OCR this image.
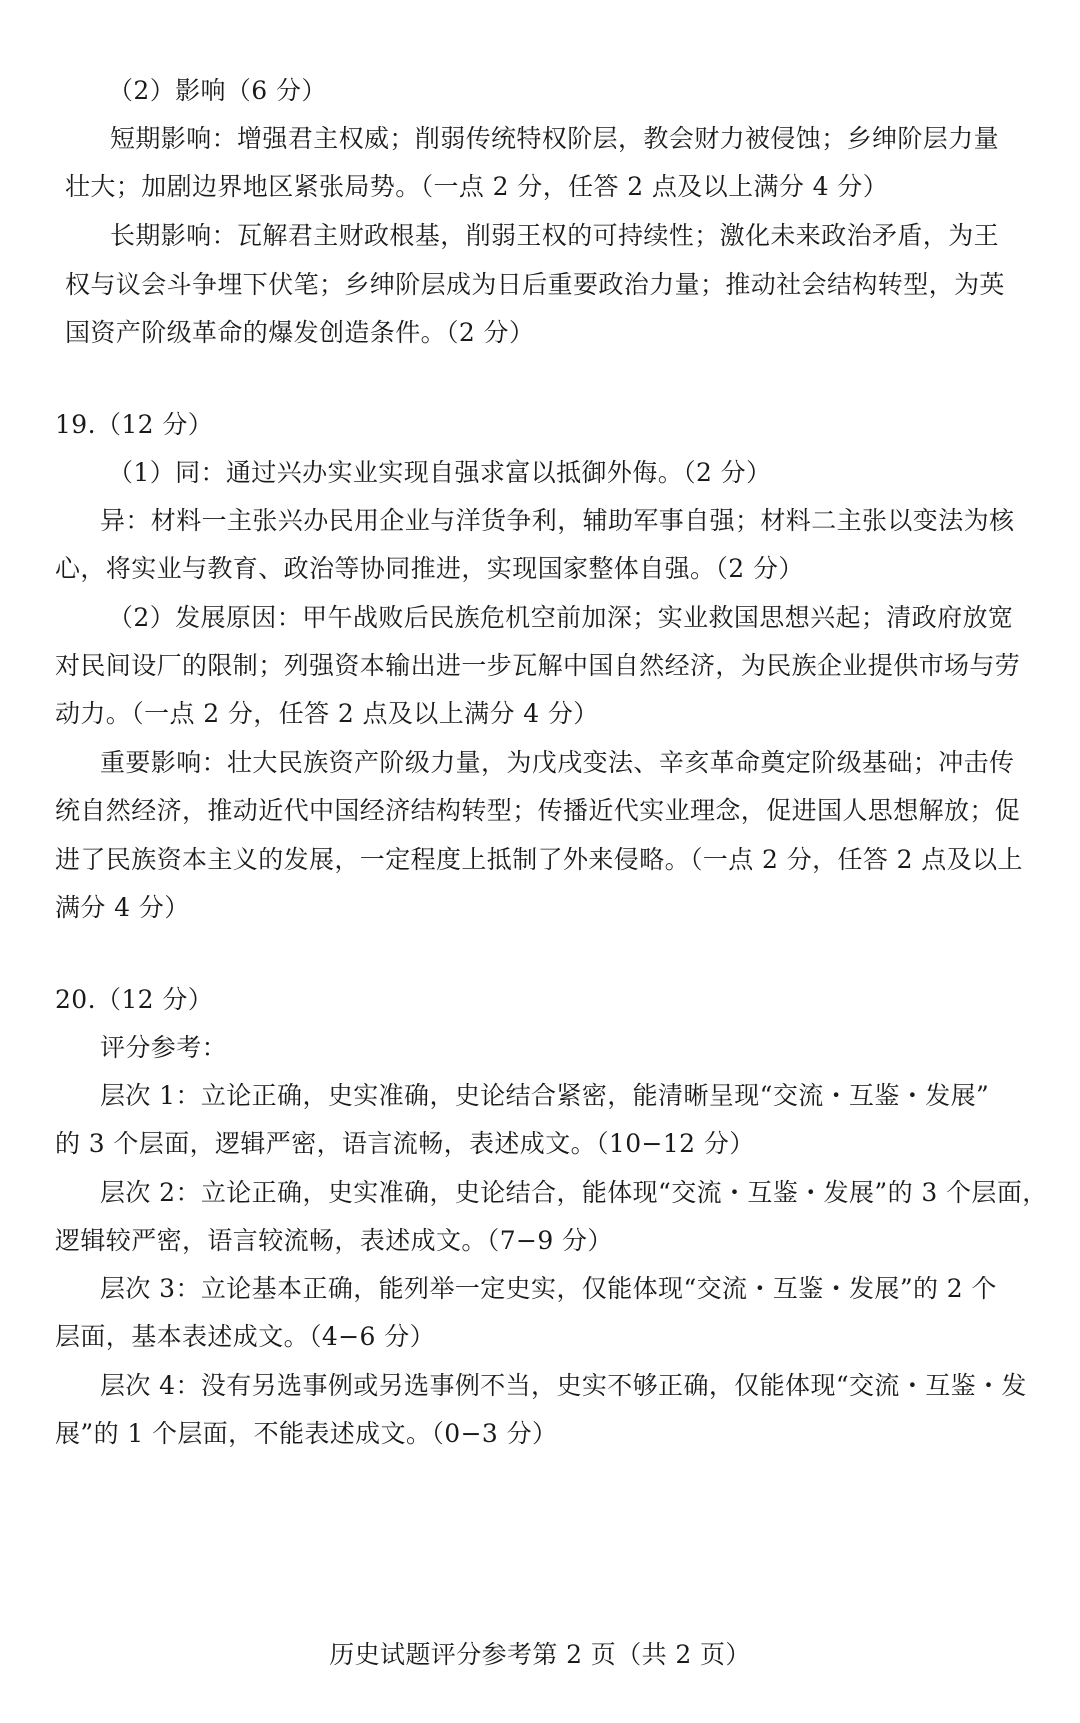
（2）影响（6 分）
短期影响：增强君主权威；削弱传统特权阶层，教会财力被侵蚀；乡绅阶层力量
壮大；加剧边界地区紧张局势。（一点 2 分，任答 2 点及以上满分 4 分）
长期影响：瓦解君主财政根基，削弱王权的可持续性；激化未来政治矛盾，为王
权与议会斗争埋下伏笔；乡绅阶层成为日后重要政治力量；推动社会结构转型，为英
国资产阶级革命的爆发创造条件。（2 分）
19.（12 分）
（1）同：通过兴办实业实现自强求富以抵御外侮。（2 分）
异：材料一主张兴办民用企业与洋货争利，辅助军事自强；材料二主张以变法为核
心，将实业与教育、政治等协同推进，实现国家整体自强。（2 分）
（2）发展原因：甲午战败后民族危机空前加深；实业救国思想兴起；清政府放宽
对民间设厂的限制；列强资本输出进一步瓦解中国自然经济，为民族企业提供市场与劳
动力。（一点 2 分，任答 2 点及以上满分 4 分）
重要影响：壮大民族资产阶级力量，为戊戌变法、辛亥革命奠定阶级基础；冲击传
统自然经济，推动近代中国经济结构转型；传播近代实业理念，促进国人思想解放；促
进了民族资本主义的发展，一定程度上抵制了外来侵略。（一点 2 分，任答 2 点及以上
满分 4 分）
20.（12 分）
评分参考：
层次 1：立论正确，史实准确，史论结合紧密，能清晰呈现“交流・互鉴・发展”
的 3 个层面，逻辑严密，语言流畅，表述成文。（10−12 分）
层次 2：立论正确，史实准确，史论结合，能体现“交流・互鉴・发展”的 3 个层面，
逻辑较严密，语言较流畅，表述成文。（7−9 分）
层次 3：立论基本正确，能列举一定史实，仅能体现“交流・互鉴・发展”的 2 个
层面，基本表述成文。（4−6 分）
层次 4：没有另选事例或另选事例不当，史实不够正确，仅能体现“交流・互鉴・发
展”的 1 个层面，不能表述成文。（0−3 分）
历史试题评分参考第 2 页（共 2 页）
